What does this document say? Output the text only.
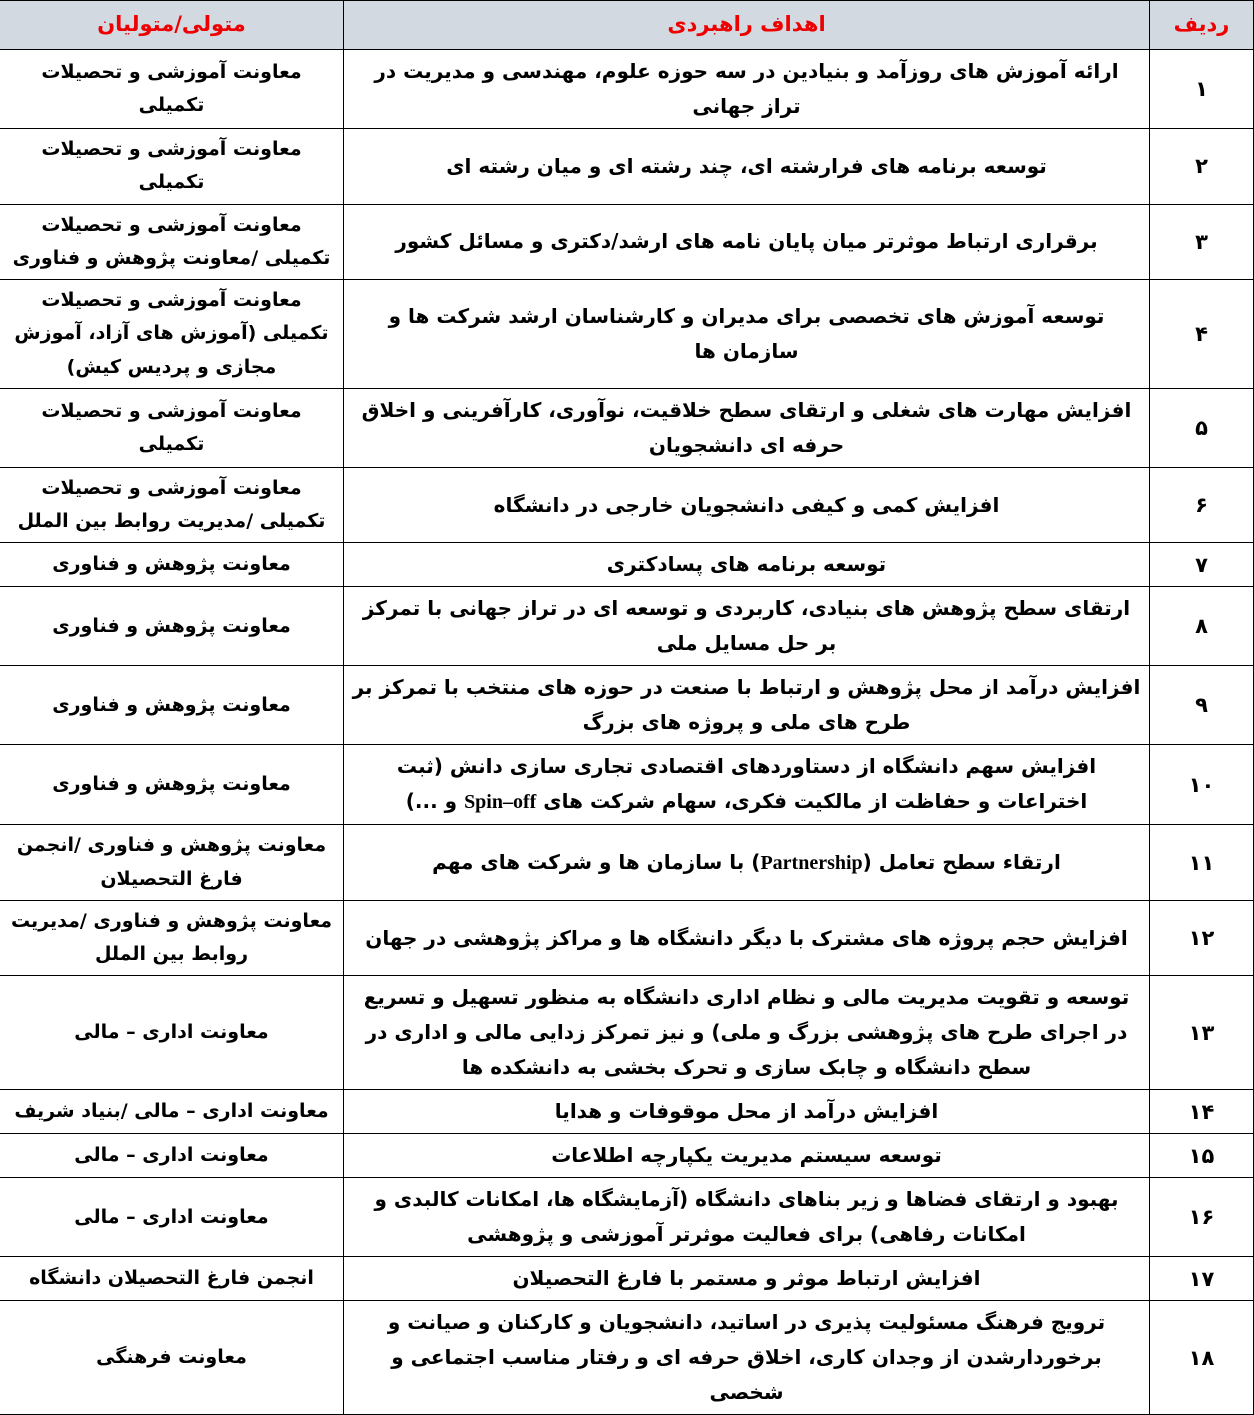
ردیف	اهداف راهبردی	متولی/متولیان
۱	ارائه آموزش های روزآمد و بنیادین در سه حوزه علوم، مهندسی و مدیریت در تراز جهانی	معاونت آموزشی و تحصیلات تکمیلی
۲	توسعه برنامه های فرارشته ای، چند رشته ای و میان رشته ای	معاونت آموزشی و تحصیلات تکمیلی
۳	برقراری ارتباط موثرتر میان پایان نامه های ارشد/دکتری و مسائل کشور	معاونت آموزشی و تحصیلات تکمیلی /معاونت پژوهش و فناوری
۴	توسعه آموزش های تخصصی برای مدیران و کارشناسان ارشد شرکت ها و سازمان ها	معاونت آموزشی و تحصیلات تکمیلی (آموزش های آزاد، آموزش مجازی و پردیس کیش)
۵	افزایش مهارت های شغلی و ارتقای سطح خلاقیت، نوآوری، کارآفرینی و اخلاق حرفه ای دانشجویان	معاونت آموزشی و تحصیلات تکمیلی
۶	افزایش کمی و کیفی دانشجویان خارجی در دانشگاه	معاونت آموزشی و تحصیلات تکمیلی /مدیریت روابط بین الملل
۷	توسعه برنامه های پسادکتری	معاونت پژوهش و فناوری
۸	ارتقای سطح پژوهش های بنیادی، کاربردی و توسعه ای در تراز جهانی با تمرکز بر حل مسایل ملی	معاونت پژوهش و فناوری
۹	افزایش درآمد از محل پژوهش و ارتباط با صنعت در حوزه های منتخب با تمرکز بر طرح های ملی و پروژه های بزرگ	معاونت پژوهش و فناوری
۱۰	افزایش سهم دانشگاه از دستاوردهای اقتصادی تجاری سازی دانش (ثبت اختراعات و حفاظت از مالکیت فکری، سهام شرکت های Spin–off و ...)	معاونت پژوهش و فناوری
۱۱	ارتقاء سطح تعامل (Partnership) با سازمان ها و شرکت های مهم	معاونت پژوهش و فناوری /انجمن فارغ التحصیلان
۱۲	افزایش حجم پروژه های مشترک با دیگر دانشگاه ها و مراکز پژوهشی در جهان	معاونت پژوهش و فناوری /مدیریت روابط بین الملل
۱۳	توسعه و تقویت مدیریت مالی و نظام اداری دانشگاه به منظور تسهیل و تسریع در اجرای طرح های پژوهشی بزرگ و ملی) و نیز تمرکز زدایی مالی و اداری در سطح دانشگاه و چابک سازی و تحرک بخشی به دانشکده ها	معاونت اداری – مالی
۱۴	افزایش درآمد از محل موقوفات و هدایا	معاونت اداری – مالی /بنیاد شریف
۱۵	توسعه سیستم مدیریت یکپارچه اطلاعات	معاونت اداری – مالی
۱۶	بهبود و ارتقای فضاها و زیر بناهای دانشگاه (آزمایشگاه ها، امکانات کالبدی و امکانات رفاهی) برای فعالیت موثرتر آموزشی و پژوهشی	معاونت اداری – مالی
۱۷	افزایش ارتباط موثر و مستمر با فارغ التحصیلان	انجمن فارغ التحصیلان دانشگاه
۱۸	ترویج فرهنگ مسئولیت پذیری در اساتید، دانشجویان و کارکنان و صیانت و برخوردارشدن از وجدان کاری، اخلاق حرفه ای و رفتار مناسب اجتماعی و شخصی	معاونت فرهنگی
